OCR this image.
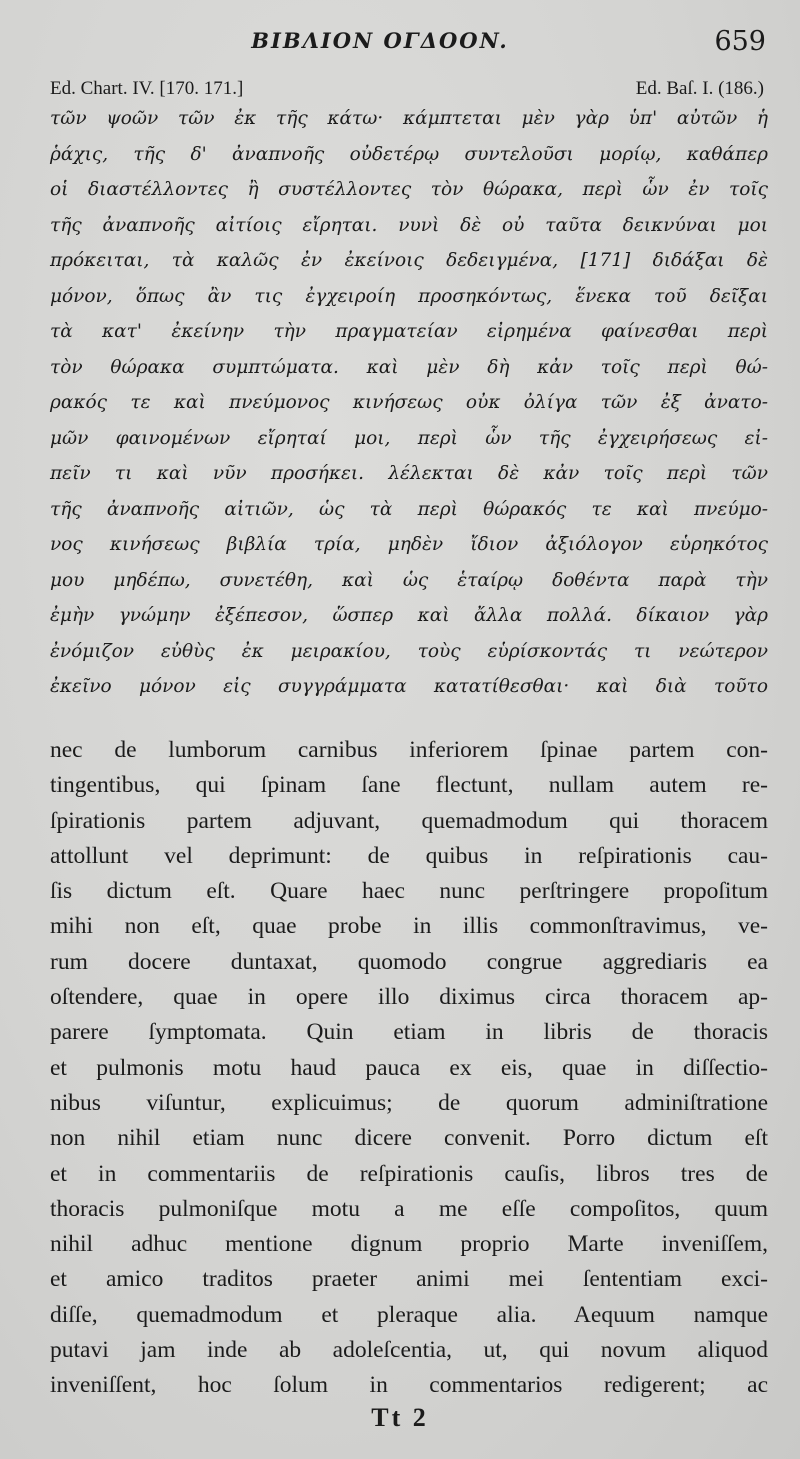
BIBΛION OΓΔOON.	659
Ed. Chart. IV. [170. 171.]	Ed. Baſ. I. (186.)
τῶν ψοῶν τῶν ἐκ τῆς κάτω· κάμπτεται μὲν γὰρ ὑπ' αὐτῶν ἡ
ῥάχις, τῆς δ' ἀναπνοῆς οὐδετέρῳ συντελοῦσι μορίῳ, καθάπερ
οἱ διαστέλλοντες ἢ συστέλλοντες τὸν θώρακα, περὶ ὧν ἐν τοῖς
τῆς ἀναπνοῆς αἰτίοις εἴρηται. νυνὶ δὲ οὐ ταῦτα δεικνύναι μοι
πρόκειται, τὰ καλῶς ἐν ἐκείνοις δεδειγμένα, [171] διδάξαι δὲ
μόνον, ὅπως ἂν τις ἐγχειροίη προσηκόντως, ἕνεκα τοῦ δεῖξαι
τὰ κατ' ἐκείνην τὴν πραγματείαν εἰρημένα φαίνεσθαι περὶ
τὸν θώρακα συμπτώματα. καὶ μὲν δὴ κἀν τοῖς περὶ θώ-
ρακός τε καὶ πνεύμονος κινήσεως οὐκ ὀλίγα τῶν ἐξ ἀνατο-
μῶν φαινομένων εἴρηταί μοι, περὶ ὧν τῆς ἐγχειρήσεως εἰ-
πεῖν τι καὶ νῦν προσήκει. λέλεκται δὲ κἀν τοῖς περὶ τῶν
τῆς ἀναπνοῆς αἰτιῶν, ὡς τὰ περὶ θώρακός τε καὶ πνεύμο-
νος κινήσεως βιβλία τρία, μηδὲν ἴδιον ἀξιόλογον εὑρηκότος
μου μηδέπω, συνετέθη, καὶ ὡς ἑταίρῳ δοθέντα παρὰ τὴν
ἐμὴν γνώμην ἐξέπεσον, ὥσπερ καὶ ἄλλα πολλά. δίκαιον γὰρ
ἐνόμιζον εὐθὺς ἐκ μειρακίου, τοὺς εὑρίσκοντάς τι νεώτερον
ἐκεῖνο μόνον εἰς συγγράμματα κατατίθεσθαι· καὶ διὰ τοῦτο
nec de lumborum carnibus inferiorem ſpinae partem con-
tingentibus, qui ſpinam ſane flectunt, nullam autem re-
ſpirationis partem adjuvant, quemadmodum qui thoracem
attollunt vel deprimunt: de quibus in reſpirationis cau-
ſis dictum eſt. Quare haec nunc perſtringere propoſitum
mihi non eſt, quae probe in illis commonſtravimus, ve-
rum docere duntaxat, quomodo congrue aggrediaris ea
oſtendere, quae in opere illo diximus circa thoracem ap-
parere ſymptomata. Quin etiam in libris de thoracis
et pulmonis motu haud pauca ex eis, quae in diſſectio-
nibus viſuntur, explicuimus; de quorum adminiſtratione
non nihil etiam nunc dicere convenit. Porro dictum eſt
et in commentariis de reſpirationis cauſis, libros tres de
thoracis pulmoniſque motu a me eſſe compoſitos, quum
nihil adhuc mentione dignum proprio Marte inveniſſem,
et amico traditos praeter animi mei ſententiam exci-
diſſe, quemadmodum et pleraque alia. Aequum namque
putavi jam inde ab adoleſcentia, ut, qui novum aliquod
inveniſſent, hoc ſolum in commentarios redigerent; ac
Tt 2
